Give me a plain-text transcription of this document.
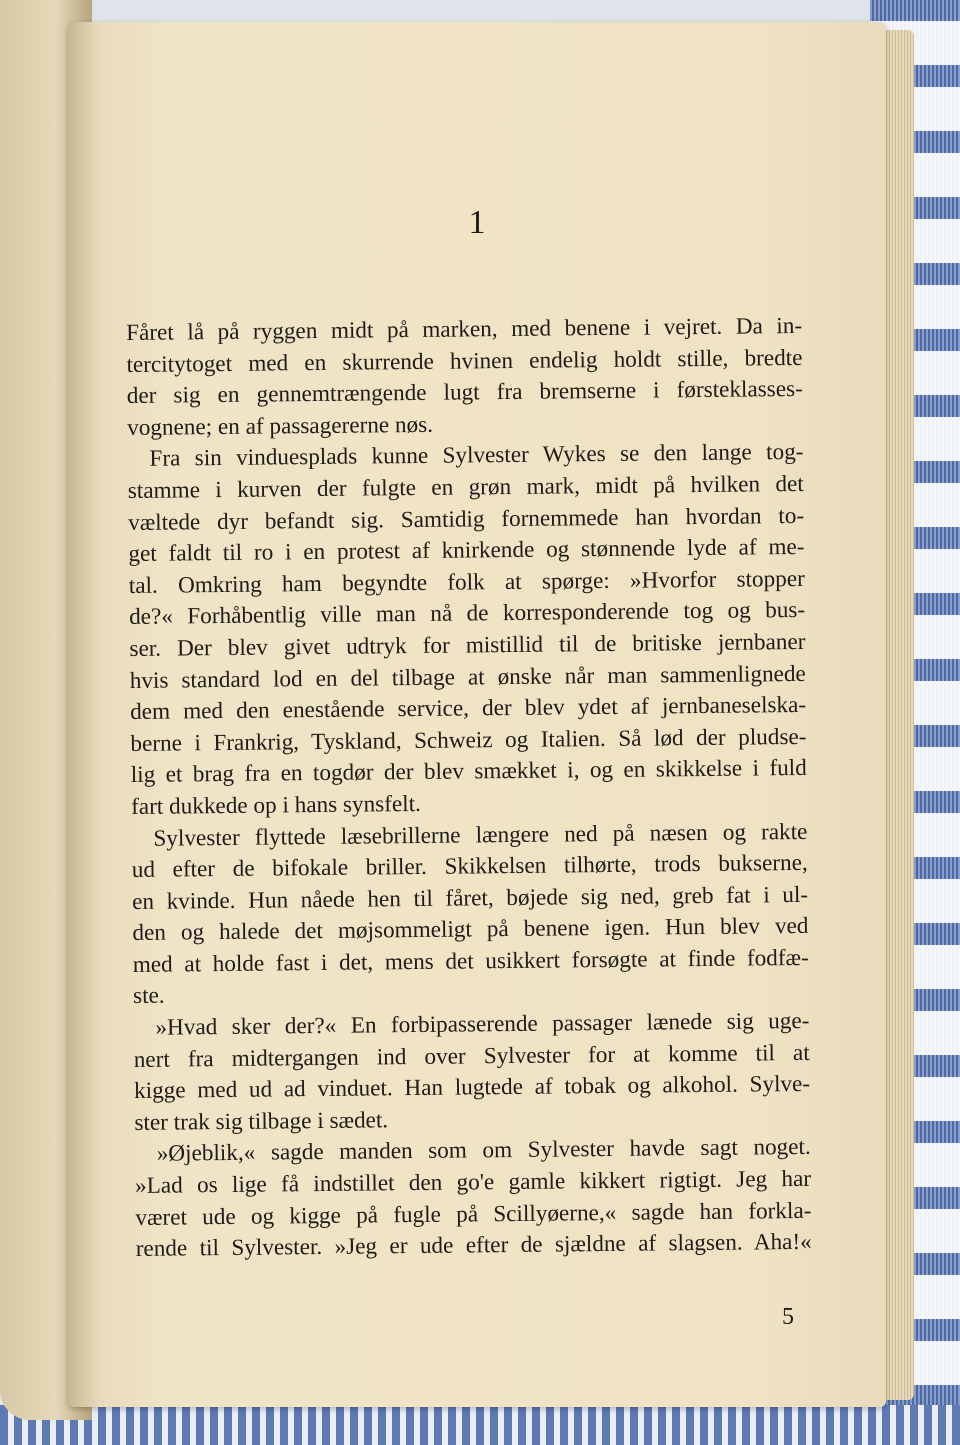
1
Fåret lå på ryggen midt på marken, med benene i vejret. Da in-
tercitytoget med en skurrende hvinen endelig holdt stille, bredte
der sig en gennemtrængende lugt fra bremserne i førsteklasses-
vognene; en af passagererne nøs.
Fra sin vinduesplads kunne Sylvester Wykes se den lange tog-
stamme i kurven der fulgte en grøn mark, midt på hvilken det
væltede dyr befandt sig. Samtidig fornemmede han hvordan to-
get faldt til ro i en protest af knirkende og stønnende lyde af me-
tal. Omkring ham begyndte folk at spørge: »Hvorfor stopper
de?« Forhåbentlig ville man nå de korresponderende tog og bus-
ser. Der blev givet udtryk for mistillid til de britiske jernbaner
hvis standard lod en del tilbage at ønske når man sammenlignede
dem med den enestående service, der blev ydet af jernbaneselska-
berne i Frankrig, Tyskland, Schweiz og Italien. Så lød der pludse-
lig et brag fra en togdør der blev smækket i, og en skikkelse i fuld
fart dukkede op i hans synsfelt.
Sylvester flyttede læsebrillerne længere ned på næsen og rakte
ud efter de bifokale briller. Skikkelsen tilhørte, trods bukserne,
en kvinde. Hun nåede hen til fåret, bøjede sig ned, greb fat i ul-
den og halede det møjsommeligt på benene igen. Hun blev ved
med at holde fast i det, mens det usikkert forsøgte at finde fodfæ-
ste.
»Hvad sker der?« En forbipasserende passager lænede sig uge-
nert fra midtergangen ind over Sylvester for at komme til at
kigge med ud ad vinduet. Han lugtede af tobak og alkohol. Sylve-
ster trak sig tilbage i sædet.
»Øjeblik,« sagde manden som om Sylvester havde sagt noget.
»Lad os lige få indstillet den go'e gamle kikkert rigtigt. Jeg har
været ude og kigge på fugle på Scillyøerne,« sagde han forkla-
rende til Sylvester. »Jeg er ude efter de sjældne af slagsen. Aha!«
5
